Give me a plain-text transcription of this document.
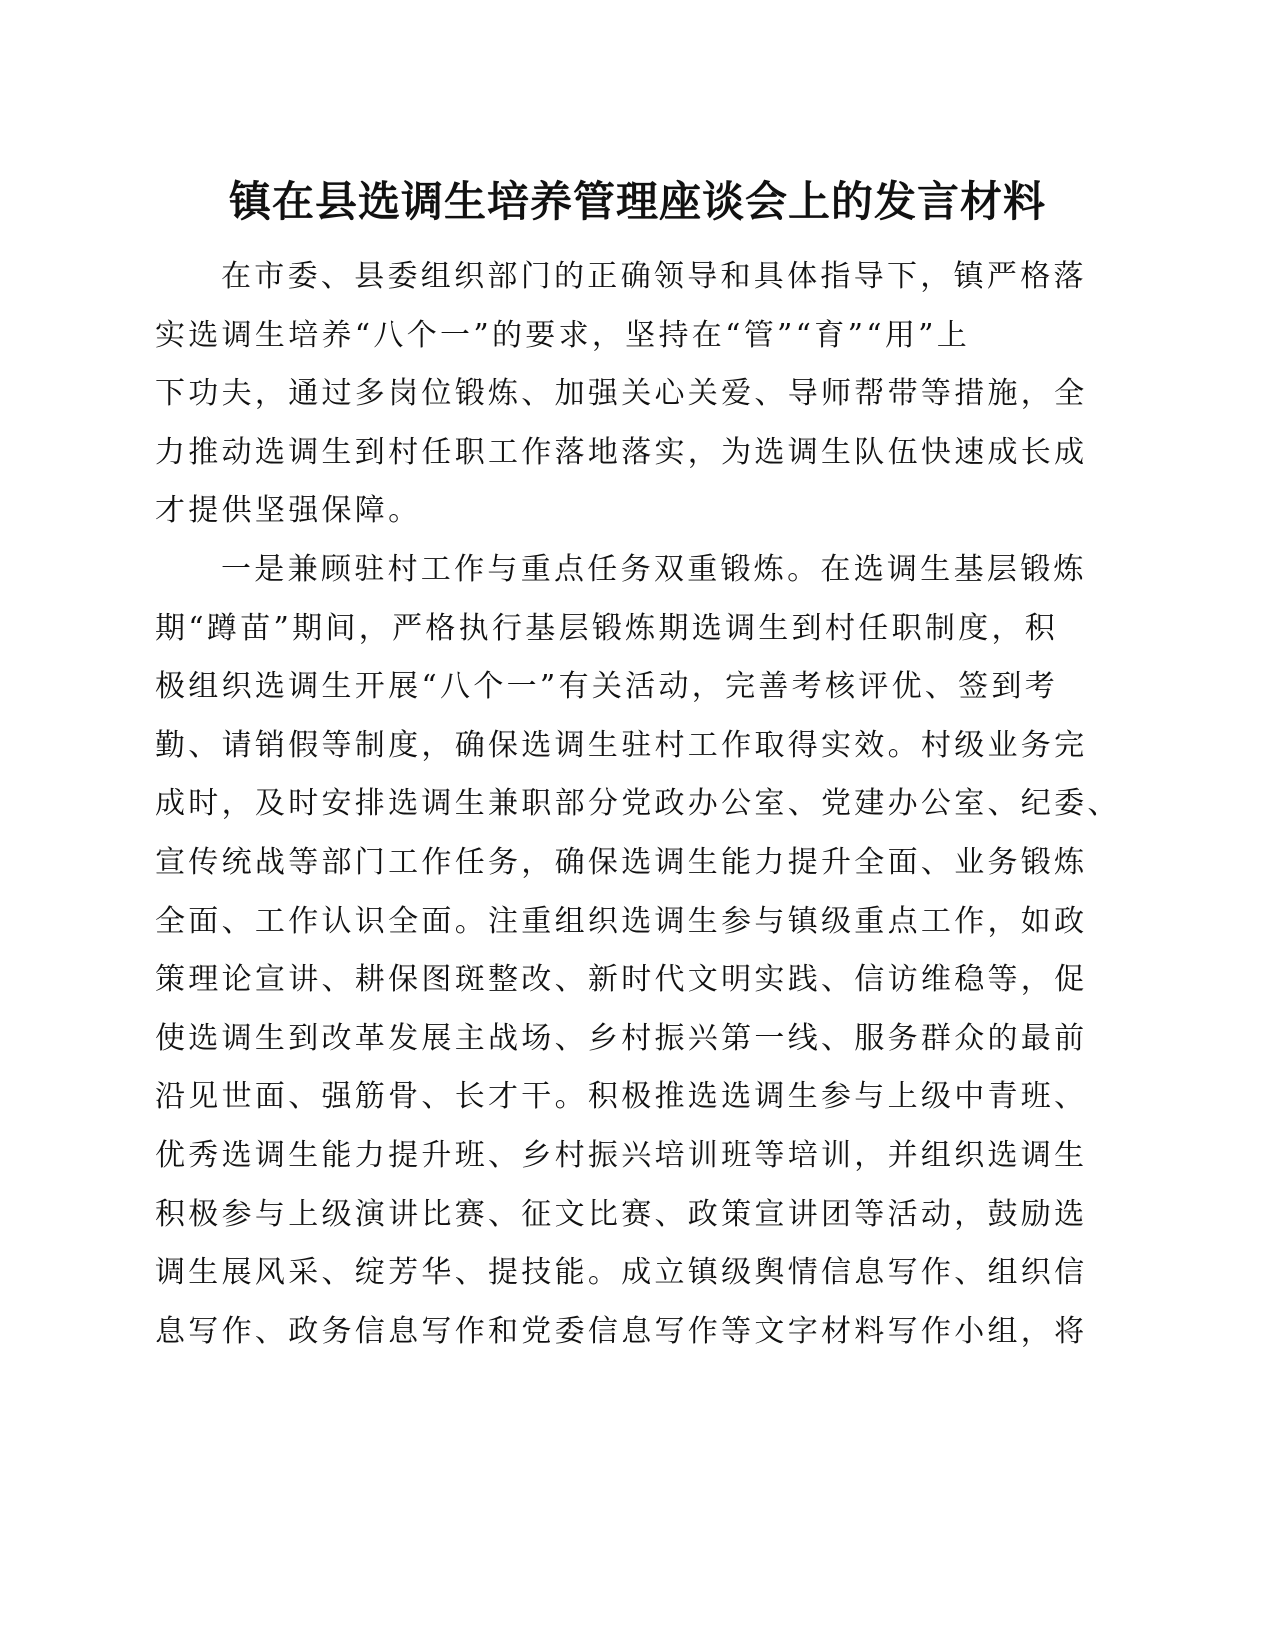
镇在县选调生培养管理座谈会上的发言材料
在市委、县委组织部门的正确领导和具体指导下，镇严格落
实选调生培养“八个一”的要求，坚持在“管”“育”“用”上
下功夫，通过多岗位锻炼、加强关心关爱、导师帮带等措施，全
力推动选调生到村任职工作落地落实，为选调生队伍快速成长成
才提供坚强保障。
一是兼顾驻村工作与重点任务双重锻炼。在选调生基层锻炼
期“蹲苗”期间，严格执行基层锻炼期选调生到村任职制度，积
极组织选调生开展“八个一”有关活动，完善考核评优、签到考
勤、请销假等制度，确保选调生驻村工作取得实效。村级业务完
成时，及时安排选调生兼职部分党政办公室、党建办公室、纪委、
宣传统战等部门工作任务，确保选调生能力提升全面、业务锻炼
全面、工作认识全面。注重组织选调生参与镇级重点工作，如政
策理论宣讲、耕保图斑整改、新时代文明实践、信访维稳等，促
使选调生到改革发展主战场、乡村振兴第一线、服务群众的最前
沿见世面、强筋骨、长才干。积极推选选调生参与上级中青班、
优秀选调生能力提升班、乡村振兴培训班等培训，并组织选调生
积极参与上级演讲比赛、征文比赛、政策宣讲团等活动，鼓励选
调生展风采、绽芳华、提技能。成立镇级舆情信息写作、组织信
息写作、政务信息写作和党委信息写作等文字材料写作小组，将
